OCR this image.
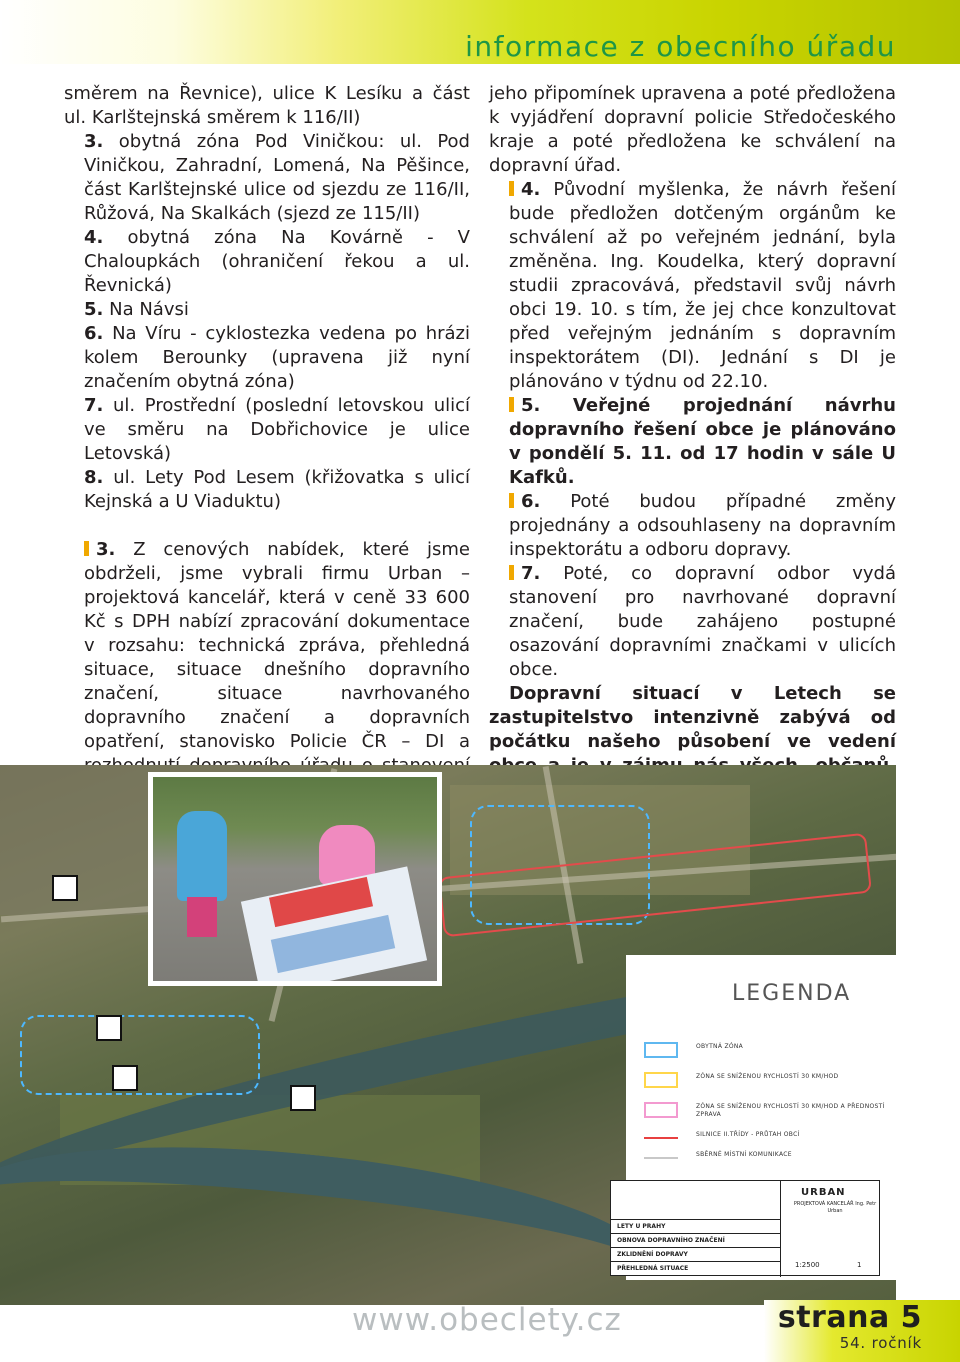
informace z obecního úřadu

směrem na Řevnice), ulice K Lesíku a část ul. Karlštejnská směrem k 116/II)

3. obytná zóna Pod Viničkou: ul. Pod Viničkou, Zahradní, Lomená, Na Pěšince, část Karlštejnské ulice od sjezdu ze 116/II, Růžová, Na Skalkách (sjezd ze 115/II)

4. obytná zóna Na Kovárně - V Chaloupkách (ohraničení řekou a ul. Řevnická)

5. Na Návsi

6. Na Víru - cyklostezka vedena po hrázi kolem Berounky (upravena již nyní značením obytná zóna)

7. ul. Prostřední (poslední letovskou ulicí ve směru na Dobřichovice je ulice Letovská)

8. ul. Lety Pod Lesem (křižovatka s ulicí Kejnská a U Viaduktu)

3. Z cenových nabídek, které jsme obdrželi, jsme vybrali firmu Urban – projektová kancelář, která v ceně 33 600 Kč s DPH nabízí zpracování dokumentace v rozsahu: technická zpráva, přehledná situace, situace dnešního dopravního značení, situace navrhovaného dopravního značení a dopravních opatření, stanovisko Policie ČR – DI a

jeho připomínek upravena a poté předložena k vyjádření dopravní policie Středočeského kraje a poté předložena ke schválení na dopravní úřad.

4. Původní myšlenka, že návrh řešení bude předložen dotčeným orgánům ke schválení až po veřejném jednání, byla změněna. Ing. Koudelka, který dopravní studii zpracovává, představil svůj návrh obci 19. 10. s tím, že jej chce konzultovat před veřejným jednáním s dopravním inspektorátem (DI). Jednání s DI je plánováno v týdnu od 22.10.

5. Veřejné projednání návrhu dopravního řešení obce je plánováno v pondělí 5. 11. od 17 hodin v sále U Kafků.

6. Poté budou případné změny projednány a odsouhlaseny na dopravním inspektorátu a odboru dopravy.

7. Poté, co dopravní odbor vydá stanovení pro navrhované dopravní značení, bude zahájeno postupné osazování dopravními značkami v ulicích obce.

Dopravní situací v Letech se zastupitelstvo intenzivně zabývá od počátku našeho působení ve vedení

LEGENDA
OBYTNÁ ZÓNA
ZÓNA SE SNÍŽENOU RYCHLOSTÍ 30 KM/HOD
ZÓNA SE SNÍŽENOU RYCHLOSTÍ 30 KM/HOD A PŘEDNOSTÍ ZPRAVA
SILNICE II.TŘÍDY - PRŮTAH OBCÍ
SBĚRNÉ MÍSTNÍ KOMUNIKACE
LETY U PRAHY
OBNOVA DOPRAVNÍHO ZNAČENÍ
ZKLIDNĚNÍ DOPRAVY
PŘEHLEDNÁ SITUACE
URBAN
PROJEKTOVÁ KANCELÁŘ Ing. Petr Urban
1:2500	1
www.obeclety.cz	strana 5
54. ročník
